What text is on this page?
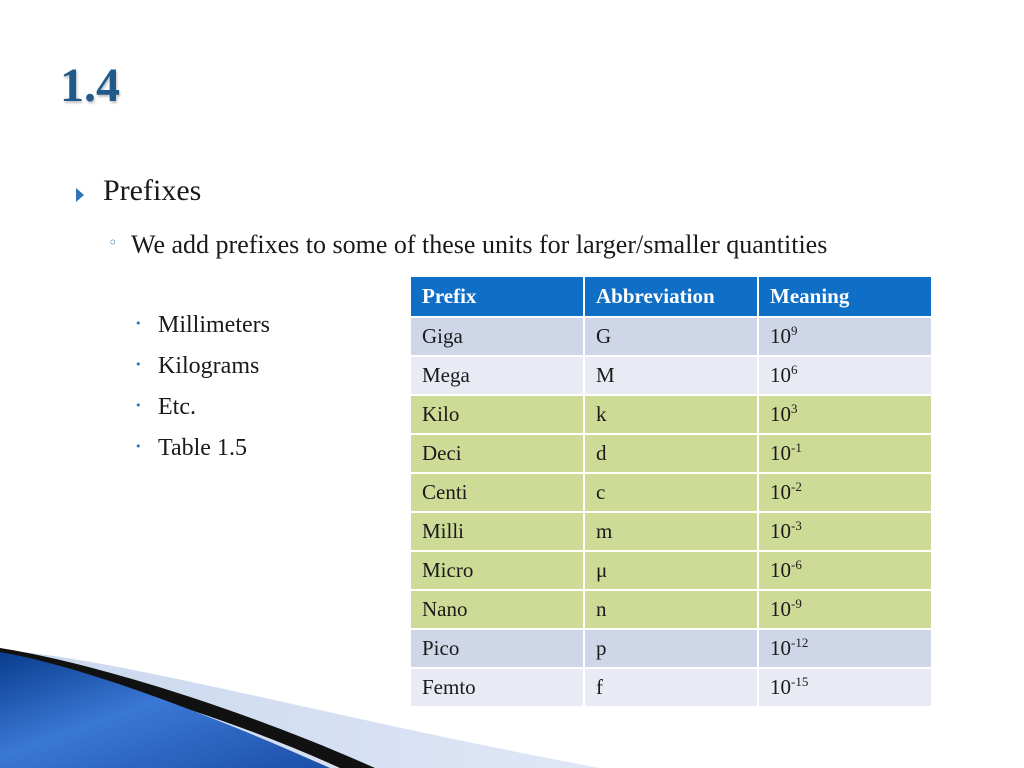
1.4
Prefixes
◦ We add prefixes to some of these units for larger/smaller quantities
• Millimeters
• Kilograms
• Etc.
• Table 1.5
Prefix	Abbreviation	Meaning
Giga	G	$10^9$
Mega	M	$10^6$
Kilo	k	$10^3$
Deci	d	$10^{-1}$
Centi	c	$10^{-2}$
Milli	m	$10^{-3}$
Micro	μ	$10^{-6}$
Nano	n	$10^{-9}$
Pico	p	$10^{-12}$
Femto	f	$10^{-15}$
